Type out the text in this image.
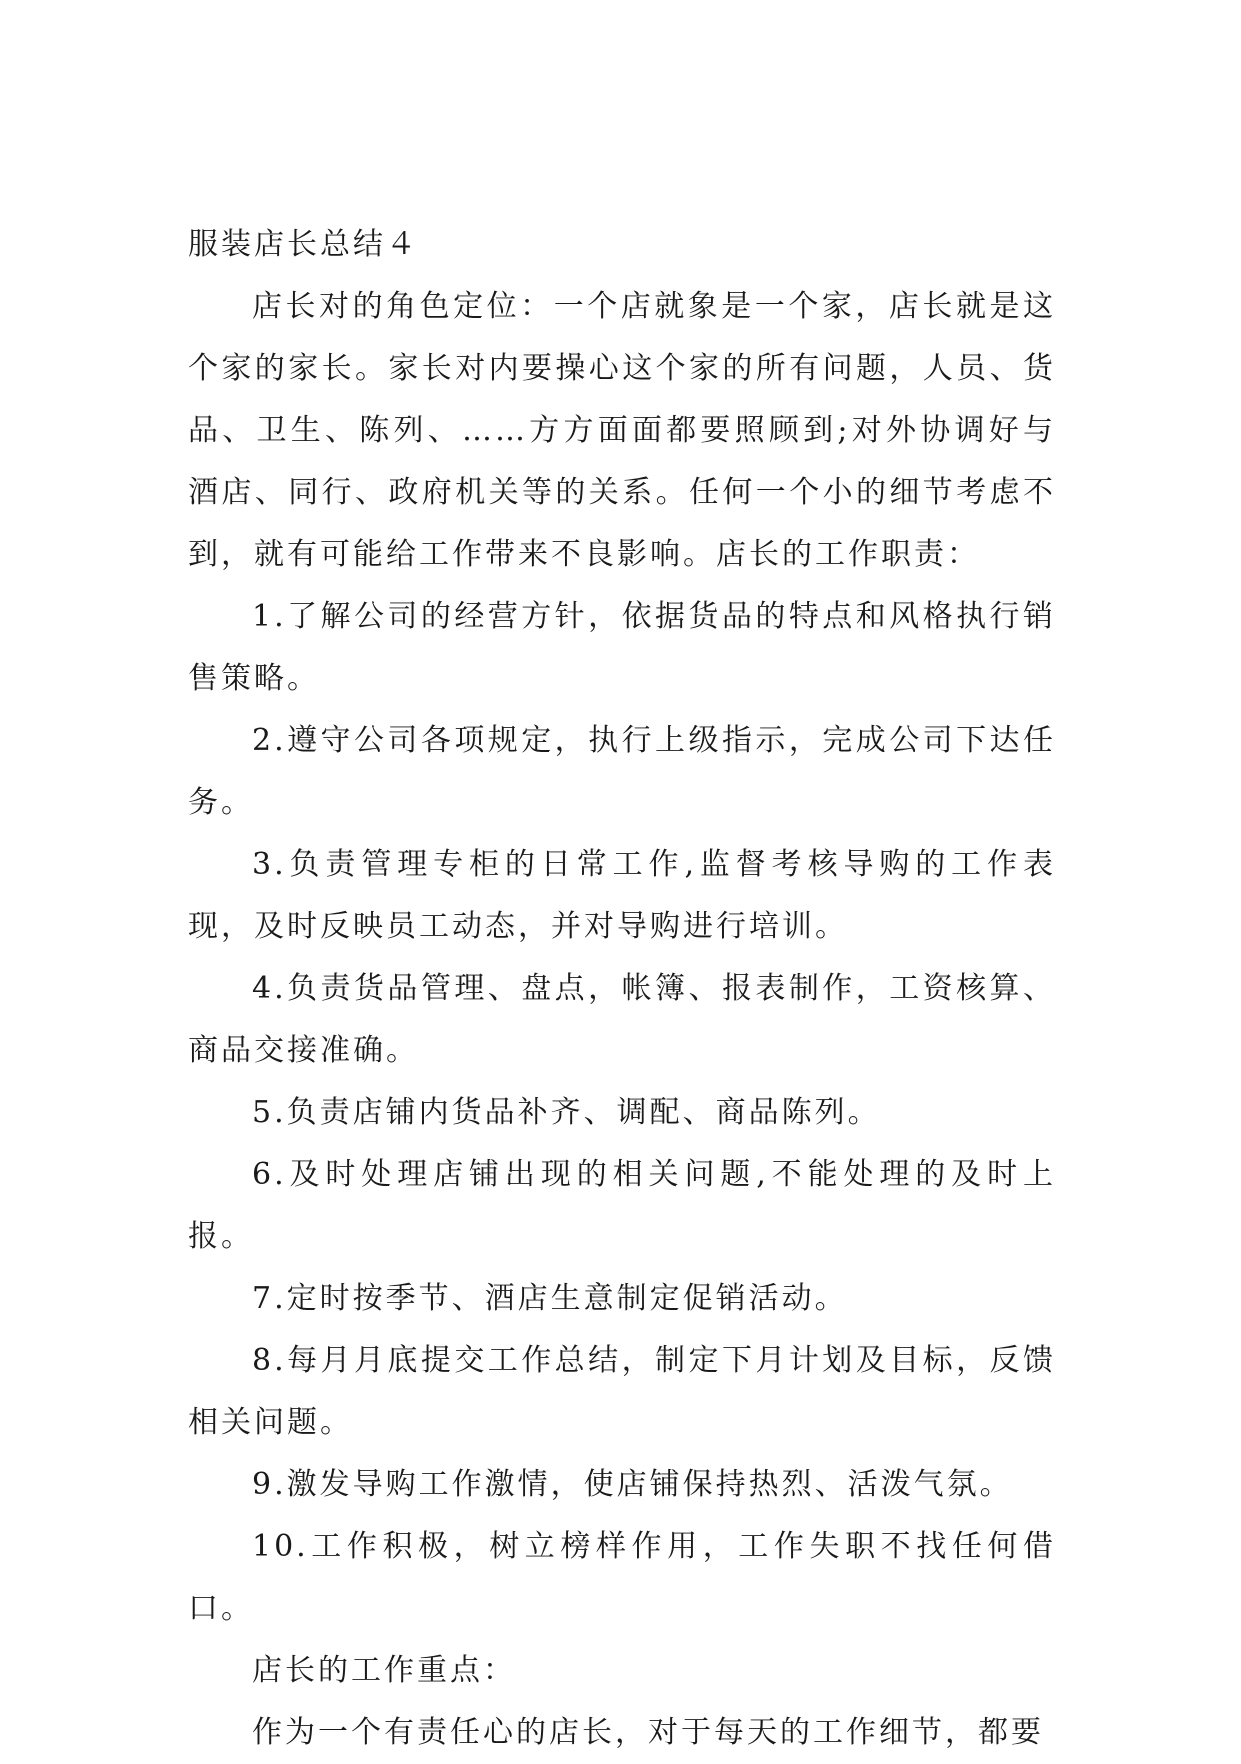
服装店长总结４

店长对的角色定位：一个店就象是一个家，店长就是这个家的家长。家长对内要操心这个家的所有问题，人员、货品、卫生、陈列、……方方面面都要照顾到;对外协调好与酒店、同行、政府机关等的关系。任何一个小的细节考虑不到，就有可能给工作带来不良影响。店长的工作职责：

1.了解公司的经营方针，依据货品的特点和风格执行销售策略。

2.遵守公司各项规定，执行上级指示，完成公司下达任务。

3.负责管理专柜的日常工作,监督考核导购的工作表现，及时反映员工动态，并对导购进行培训。

4.负责货品管理、盘点，帐簿、报表制作，工资核算、商品交接准确。

5.负责店铺内货品补齐、调配、商品陈列。

6.及时处理店铺出现的相关问题,不能处理的及时上报。

7.定时按季节、酒店生意制定促销活动。

8.每月月底提交工作总结，制定下月计划及目标，反馈相关问题。

9.激发导购工作激情，使店铺保持热烈、活泼气氛。

10.工作积极，树立榜样作用，工作失职不找任何借口。

店长的工作重点：

作为一个有责任心的店长，对于每天的工作细节，都要
